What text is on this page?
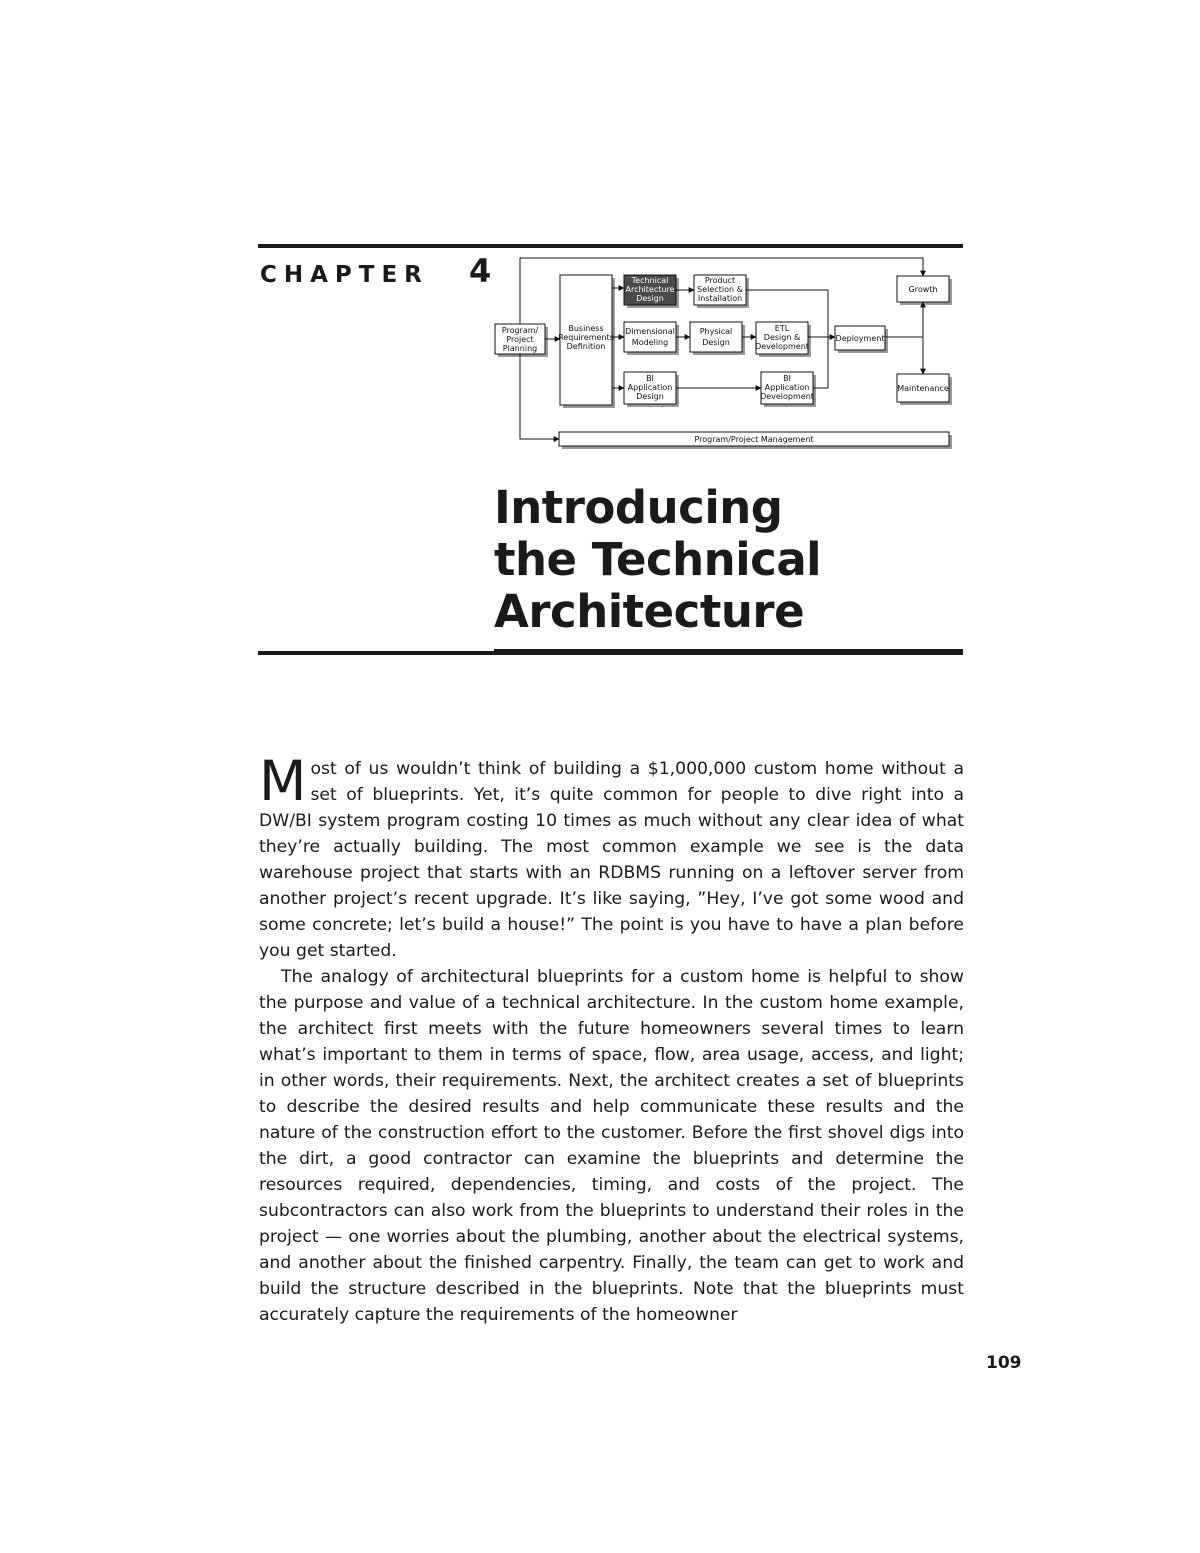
CHAPTER 4
Program/ Project Planning
Business Requirements Definition
Technical Architecture Design
Product Selection & Installation
Dimensional Modeling
Physical Design
ETL Design & Development
BI Application Design
BI Application Development
Deployment
Growth
Maintenance
Program/Project Management
Introducing
the Technical
Architecture

Most of us wouldn’t think of building a $1,000,000 custom home without a set of blueprints. Yet, it’s quite common for people to dive right into a DW/BI system program costing 10 times as much without any clear idea of what they’re actually building. The most common example we see is the data warehouse project that starts with an RDBMS running on a leftover server from another project’s recent upgrade. It’s like saying, ”Hey, I’ve got some wood and some concrete; let’s build a house!” The point is you have to have a plan before you get started.

The analogy of architectural blueprints for a custom home is helpful to show the purpose and value of a technical architecture. In the custom home example, the architect first meets with the future homeowners several times to learn what’s important to them in terms of space, flow, area usage, access, and light; in other words, their requirements. Next, the architect creates a set of blueprints to describe the desired results and help communicate these results and the nature of the construction effort to the customer. Before the first shovel digs into the dirt, a good contractor can examine the blueprints and determine the resources required, dependencies, timing, and costs of the project. The subcontractors can also work from the blueprints to understand their roles in the project — one worries about the plumbing, another about the electrical systems, and another about the finished carpentry. Finally, the team can get to work and build the structure described in the blueprints. Note that the blueprints must accurately capture the requirements of the homeowner

109
